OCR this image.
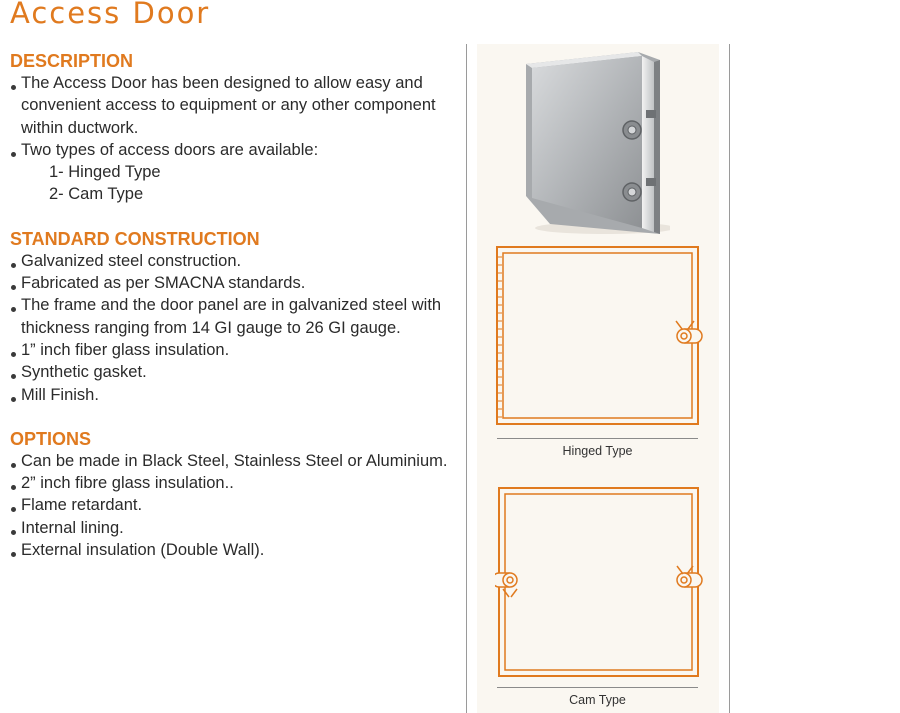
Access Door
DESCRIPTION
The Access Door has been designed to allow easy and convenient access to equipment or any other component within ductwork.
Two types of access doors are available:
1- Hinged Type
2- Cam Type
STANDARD CONSTRUCTION
Galvanized steel construction.
Fabricated as per SMACNA standards.
The frame and the door panel are in galvanized steel with thickness ranging from 14 GI gauge to 26 GI gauge.
1” inch fiber glass insulation.
Synthetic gasket.
Mill Finish.
OPTIONS
Can be made in Black Steel, Stainless Steel or Aluminium.
2” inch fibre glass insulation..
Flame retardant.
Internal lining.
External insulation (Double Wall).
Hinged Type
Cam Type
